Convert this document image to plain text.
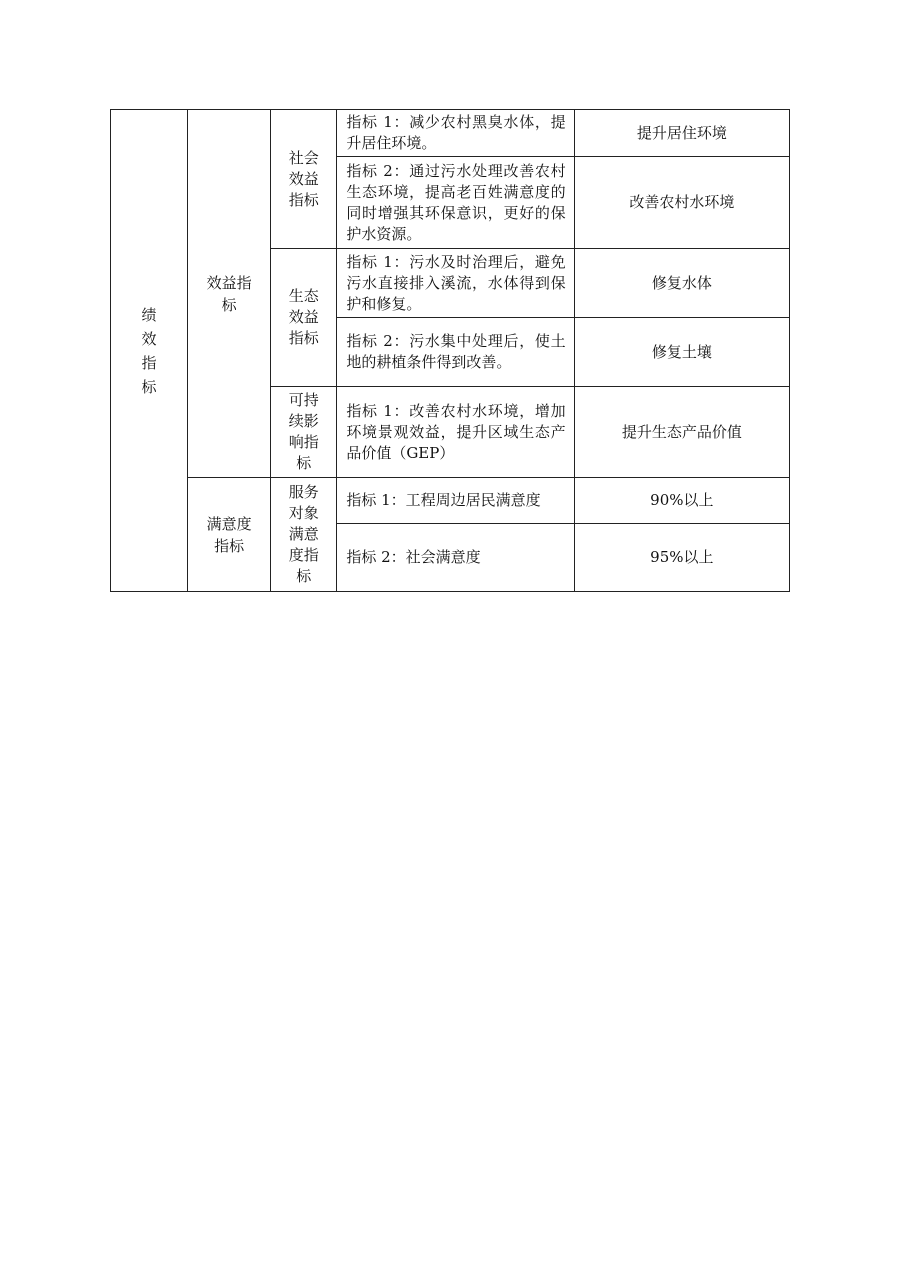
绩效指标	效益指标	社会效益指标	指标 1：减少农村黑臭水体，提升居住环境。	提升居住环境
			指标 2：通过污水处理改善农村生态环境，提高老百姓满意度的同时增强其环保意识，更好的保护水资源。	改善农村水环境
		生态效益指标	指标 1：污水及时治理后，避免污水直接排入溪流，水体得到保护和修复。	修复水体
			指标 2：污水集中处理后，使土地的耕植条件得到改善。	修复土壤
		可持续影响指标	指标 1：改善农村水环境，增加环境景观效益，提升区域生态产品价值（GEP）	提升生态产品价值

	满意度指标	服务对象满意度指标	指标 1：工程周边居民满意度	90%以上
			指标 2：社会满意度	95%以上
